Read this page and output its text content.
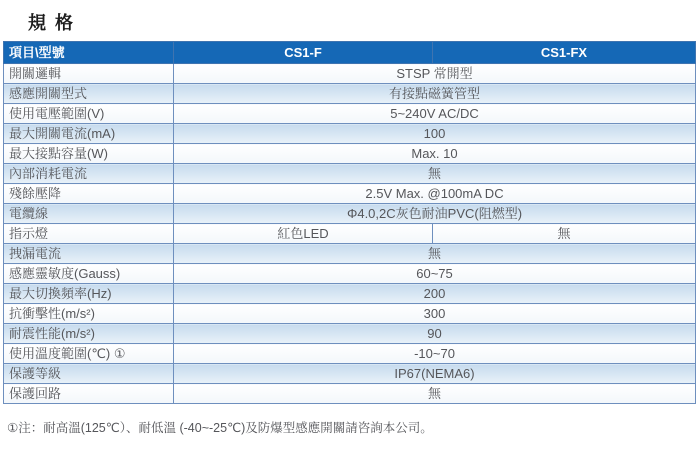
規 格
項目\型號	CS1-F	CS1-FX
開關邏輯	STSP 常開型	
感應開關型式	有接點磁簧管型	
使用電壓範圍(V)	5~240V AC/DC	
最大開關電流(mA)	100	
最大接點容量(W)	Max. 10	
內部消耗電流	無	
殘餘壓降	2.5V Max. @100mA DC	
電纜線	Φ4.0,2C灰色耐油PVC(阻燃型)	
指示燈	紅色LED	無
拽漏電流	無	
感應靈敏度(Gauss)	60~75	
最大切換頻率(Hz)	200	
抗衝擊性(m/s²)	300	
耐震性能(m/s²)	90	
使用溫度範圍(℃) ①	-10~70	
保護等級	IP67(NEMA6)	
保護回路	無	
①注：耐高溫(125℃）、耐低溫 (-40~-25℃)及防爆型感應開關請咨詢本公司。
